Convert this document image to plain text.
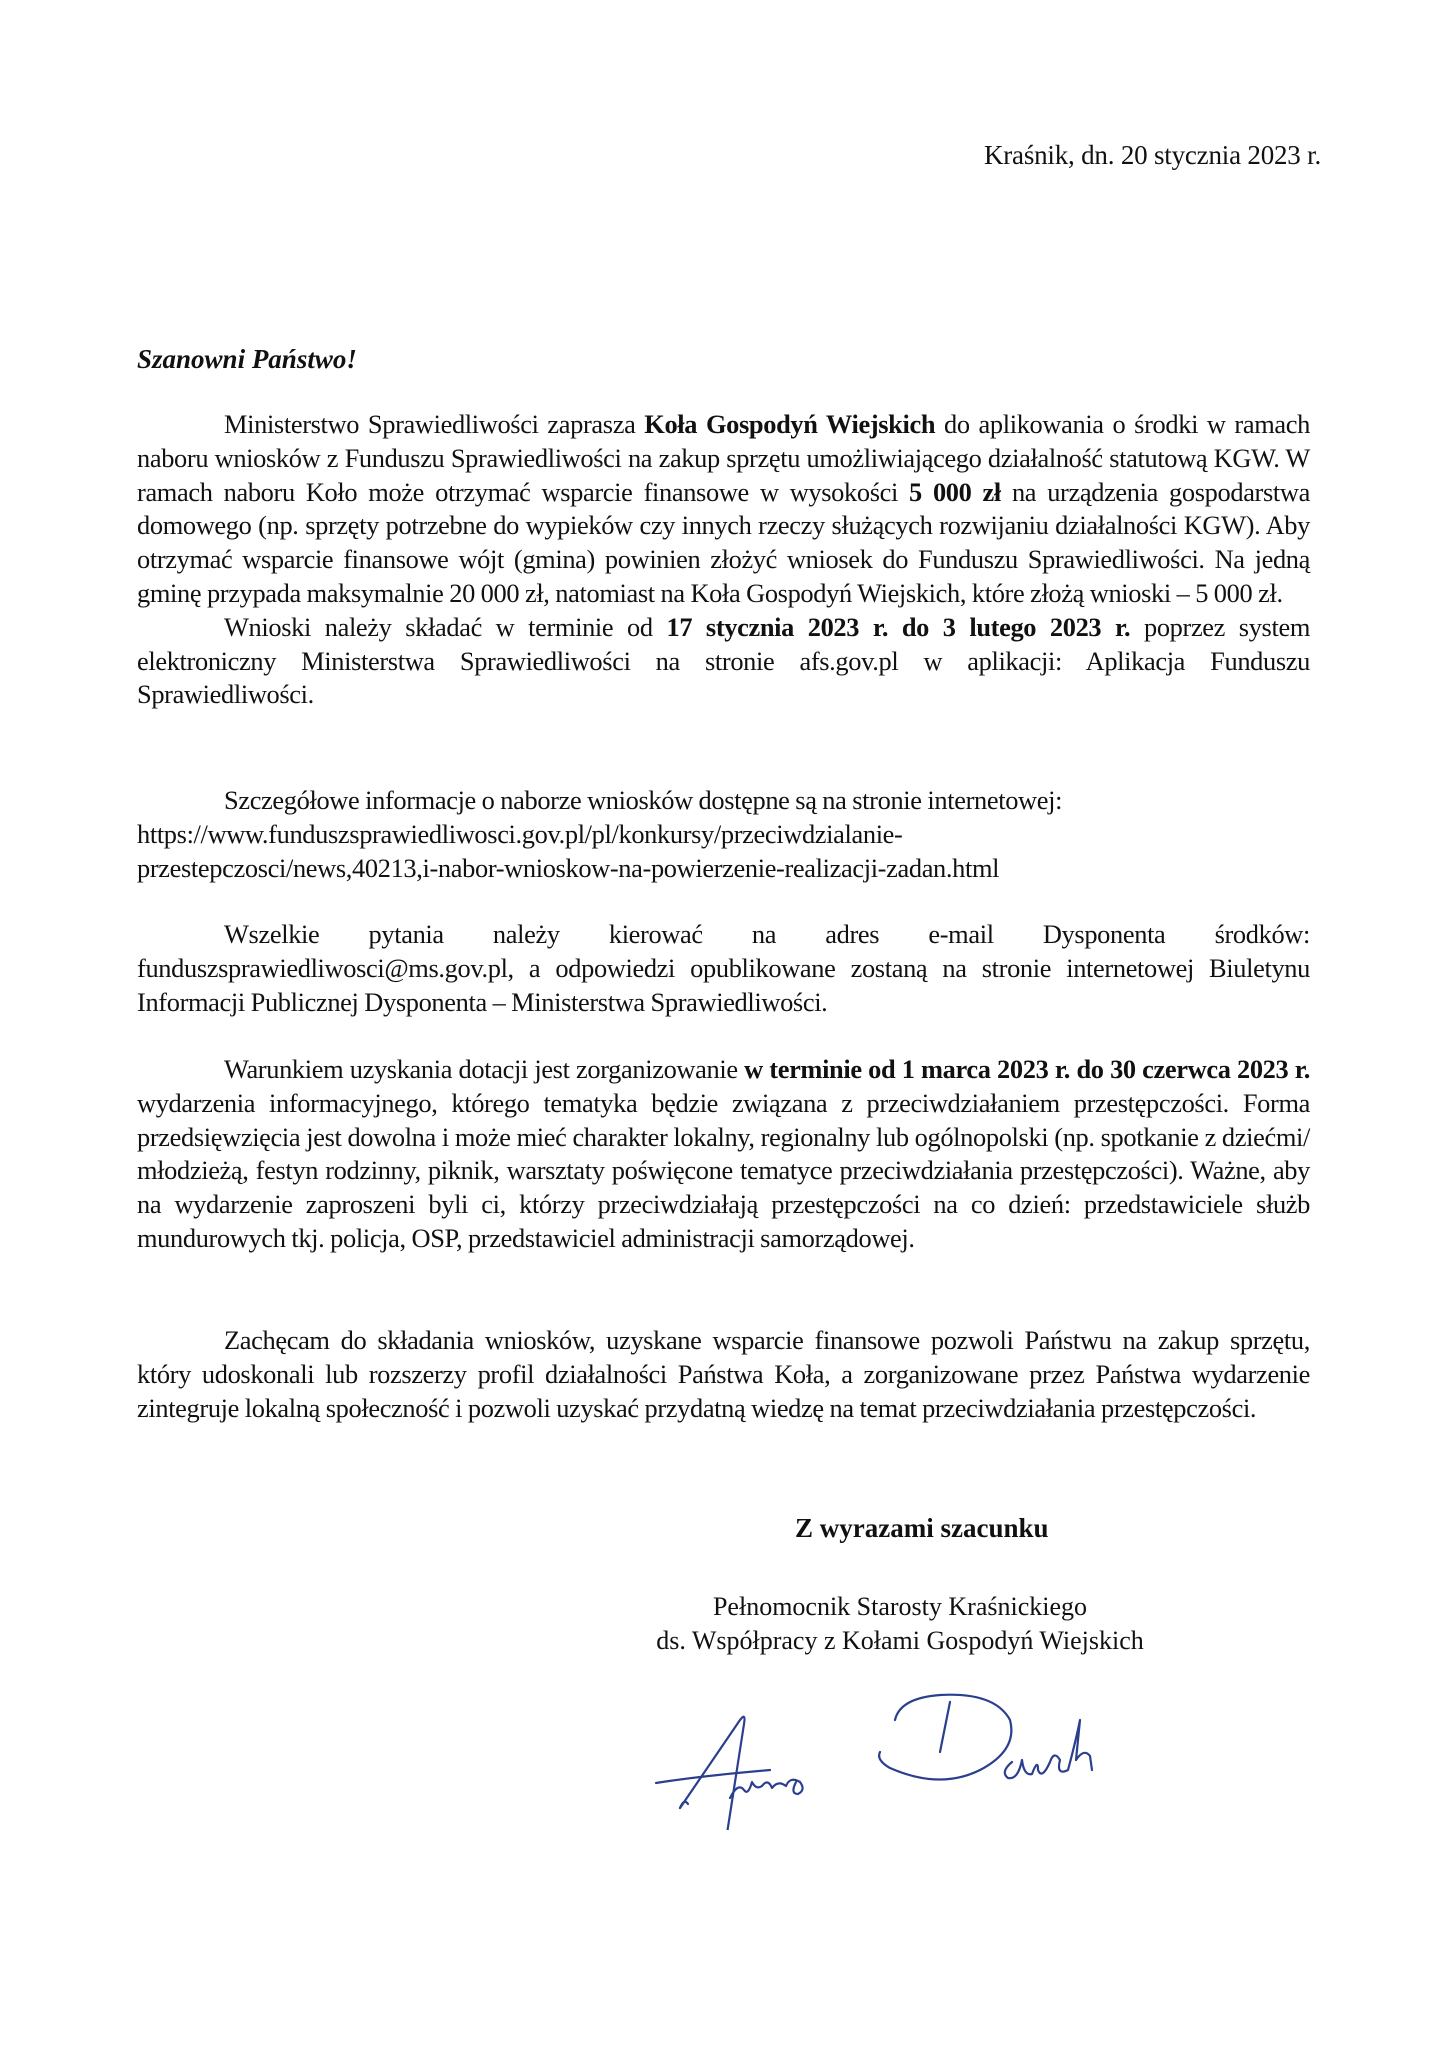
Kraśnik, dn. 20 stycznia 2023 r.
Szanowni Państwo!

Ministerstwo Sprawiedliwości zaprasza Koła Gospodyń Wiejskich do aplikowania o środki w ramach naboru wniosków z Funduszu Sprawiedliwości na zakup sprzętu umożliwiającego działalność statutową KGW. W ramach naboru Koło może otrzymać wsparcie finansowe w wysokości 5 000 zł na urządzenia gospodarstwa domowego (np. sprzęty potrzebne do wypieków czy innych rzeczy służących rozwijaniu działalności KGW). Aby otrzymać wsparcie finansowe wójt (gmina) powinien złożyć wniosek do Funduszu Sprawiedliwości. Na jedną gminę przypada maksymalnie 20 000 zł, natomiast na Koła Gospodyń Wiejskich, które złożą wnioski – 5 000 zł.

Wnioski należy składać w terminie od 17 stycznia 2023 r. do 3 lutego 2023 r. poprzez system elektroniczny Ministerstwa Sprawiedliwości na stronie afs.gov.pl w aplikacji: Aplikacja Funduszu Sprawiedliwości.

Szczegółowe informacje o naborze wniosków dostępne są na stronie internetowej:

https://www.funduszsprawiedliwosci.gov.pl/pl/konkursy/przeciwdzialanie-
przestepczosci/news,40213,i-nabor-wnioskow-na-powierzenie-realizacji-zadan.html

Wszelkie pytania należy kierować na adres e-mail Dysponenta środków: funduszsprawiedliwosci@ms.gov.pl, a odpowiedzi opublikowane zostaną na stronie internetowej Biuletynu Informacji Publicznej Dysponenta – Ministerstwa Sprawiedliwości.

Warunkiem uzyskania dotacji jest zorganizowanie w terminie od 1 marca 2023 r. do 30 czerwca 2023 r. wydarzenia informacyjnego, którego tematyka będzie związana z przeciwdziałaniem przestępczości. Forma przedsięwzięcia jest dowolna i może mieć charakter lokalny, regionalny lub ogólnopolski (np. spotkanie z dziećmi/ młodzieżą, festyn rodzinny, piknik, warsztaty poświęcone tematyce przeciwdziałania przestępczości). Ważne, aby na wydarzenie zaproszeni byli ci, którzy przeciwdziałają przestępczości na co dzień: przedstawiciele służb mundurowych tkj. policja, OSP, przedstawiciel administracji samorządowej.

Zachęcam do składania wniosków, uzyskane wsparcie finansowe pozwoli Państwu na zakup sprzętu, który udoskonali lub rozszerzy profil działalności Państwa Koła, a zorganizowane przez Państwa wydarzenie zintegruje lokalną społeczność i pozwoli uzyskać przydatną wiedzę na temat przeciwdziałania przestępczości.

Z wyrazami szacunku
Pełnomocnik Starosty Kraśnickiego
ds. Współpracy z Kołami Gospodyń Wiejskich
